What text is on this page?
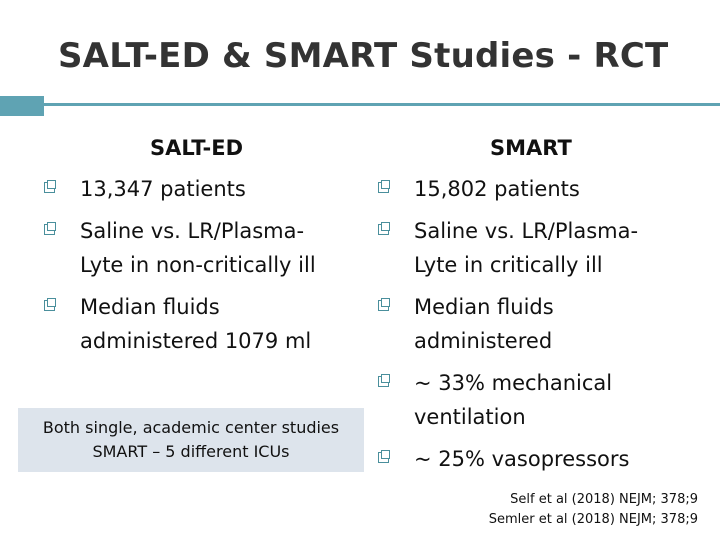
SALT-ED & SMART Studies - RCT
SALT-ED
13,347 patients
Saline vs. LR/Plasma-Lyte in non-critically ill
Median fluids administered 1079 ml
Both single, academic center studies
SMART – 5 different ICUs
SMART
15,802 patients
Saline vs. LR/Plasma-Lyte in critically ill
Median fluids administered
~ 33% mechanical ventilation
~ 25% vasopressors
Self et al (2018) NEJM; 378;9
Semler et al (2018) NEJM; 378;9
